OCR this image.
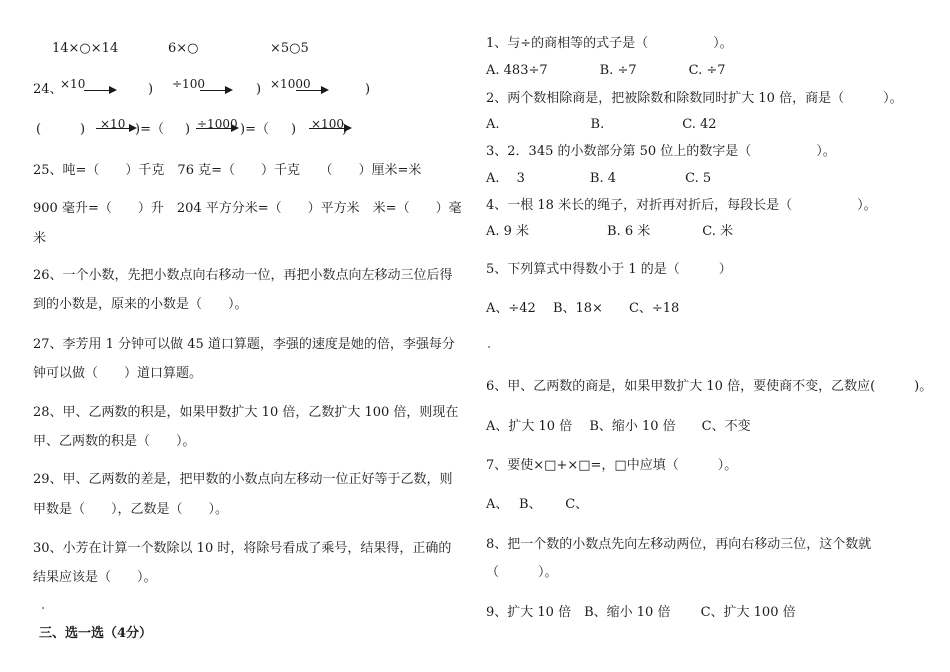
14×○×14	6×○	×5○5
24、
×10	) ÷100	) ×1000	)
(	) ×10 )=（ ) ÷1000 )=（ ) ×100
)
25、吨=（　　）千克　76 克=（　　）千克　　（　　）厘米=米
900 毫升=（　　）升　204 平方分米=（　　）平方米　米=（　　）毫
米
26、一个小数，先把小数点向右移动一位，再把小数点向左移动三位后得
到的小数是，原来的小数是（　　）。
27、李芳用 1 分钟可以做 45 道口算题，李强的速度是她的倍，李强每分
钟可以做（　　）道口算题。
28、甲、乙两数的积是，如果甲数扩大 10 倍，乙数扩大 100 倍，则现在
甲、乙两数的积是（　　）。
29、甲、乙两数的差是，把甲数的小数点向左移动一位正好等于乙数，则
甲数是（　　），乙数是（　　）。
30、小芳在计算一个数除以 10 时，将除号看成了乘号，结果得，正确的
结果应该是（　　）。
三、选一选（4分）
1、与÷的商相等的式子是（　　　　　）。
A. 483÷7　　　　B. ÷7　　　　C. ÷7
2、两个数相除商是，把被除数和除数同时扩大 10 倍，商是（　　　）。
A.　　　　　　　B.　　　　　　C. 42
3、2．345 的小数部分第 50 位上的数字是（　　　　　）。
A.　 3　　　　　B. 4　　　　　 C. 5
4、一根 18 米长的绳子，对折再对折后，每段长是（　　　　　）。
A. 9 米　　　　　　B. 6 米　　　　C. 米
5、下列算式中得数小于 1 的是（　　　）
A、÷42　 B、18×　　C、÷18
6、甲、乙两数的商是，如果甲数扩大 10 倍，要使商不变，乙数应(　　　)。
A、扩大 10 倍　 B、缩小 10 倍　　C、不变
7、要使×□+×□=，□中应填（　　　）。
A、　 B、　　 C、
8、把一个数的小数点先向左移动两位，再向右移动三位，这个数就
（　　　）。
9、扩大 10 倍　B、缩小 10 倍　　 C、扩大 100 倍
